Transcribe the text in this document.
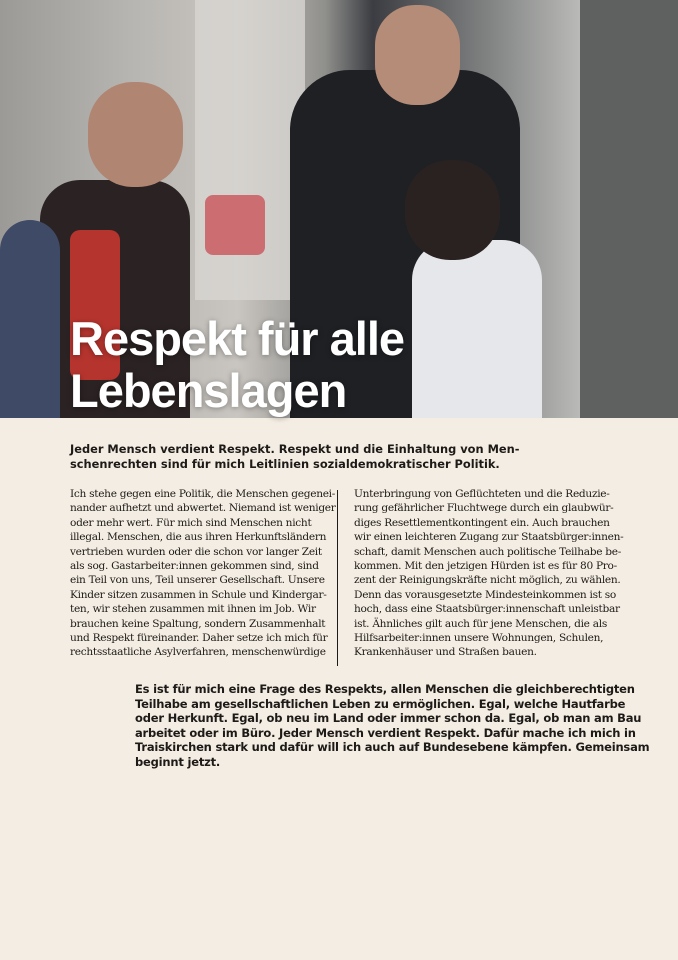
Respekt für alle
Lebenslagen
Jeder Mensch verdient Respekt. Respekt und die Einhaltung von Men-
schenrechten sind für mich Leitlinien sozialdemokratischer Politik.
Ich stehe gegen eine Politik, die Menschen gegenei-
nander aufhetzt und abwertet. Niemand ist weniger
oder mehr wert. Für mich sind Menschen nicht
illegal. Menschen, die aus ihren Herkunftsländern
vertrieben wurden oder die schon vor langer Zeit
als sog. Gastarbeiter:innen gekommen sind, sind
ein Teil von uns, Teil unserer Gesellschaft. Unsere
Kinder sitzen zusammen in Schule und Kindergar-
ten, wir stehen zusammen mit ihnen im Job. Wir
brauchen keine Spaltung, sondern Zusammenhalt
und Respekt füreinander. Daher setze ich mich für
rechtsstaatliche Asylverfahren, menschenwürdige
Unterbringung von Geflüchteten und die Reduzie-
rung gefährlicher Fluchtwege durch ein glaubwür-
diges Resettlementkontingent ein. Auch brauchen
wir einen leichteren Zugang zur Staatsbürger:innen-
schaft, damit Menschen auch politische Teilhabe be-
kommen. Mit den jetzigen Hürden ist es für 80 Pro-
zent der Reinigungskräfte nicht möglich, zu wählen.
Denn das vorausgesetzte Mindesteinkommen ist so
hoch, dass eine Staatsbürger:innenschaft unleistbar
ist. Ähnliches gilt auch für jene Menschen, die als
Hilfsarbeiter:innen unsere Wohnungen, Schulen,
Krankenhäuser und Straßen bauen.
Es ist für mich eine Frage des Respekts, allen Menschen die gleichberechtigten
Teilhabe am gesellschaftlichen Leben zu ermöglichen. Egal, welche Hautfarbe
oder Herkunft. Egal, ob neu im Land oder immer schon da. Egal, ob man am Bau
arbeitet oder im Büro. Jeder Mensch verdient Respekt. Dafür mache ich mich in
Traiskirchen stark und dafür will ich auch auf Bundesebene kämpfen. Gemeinsam
beginnt jetzt.
